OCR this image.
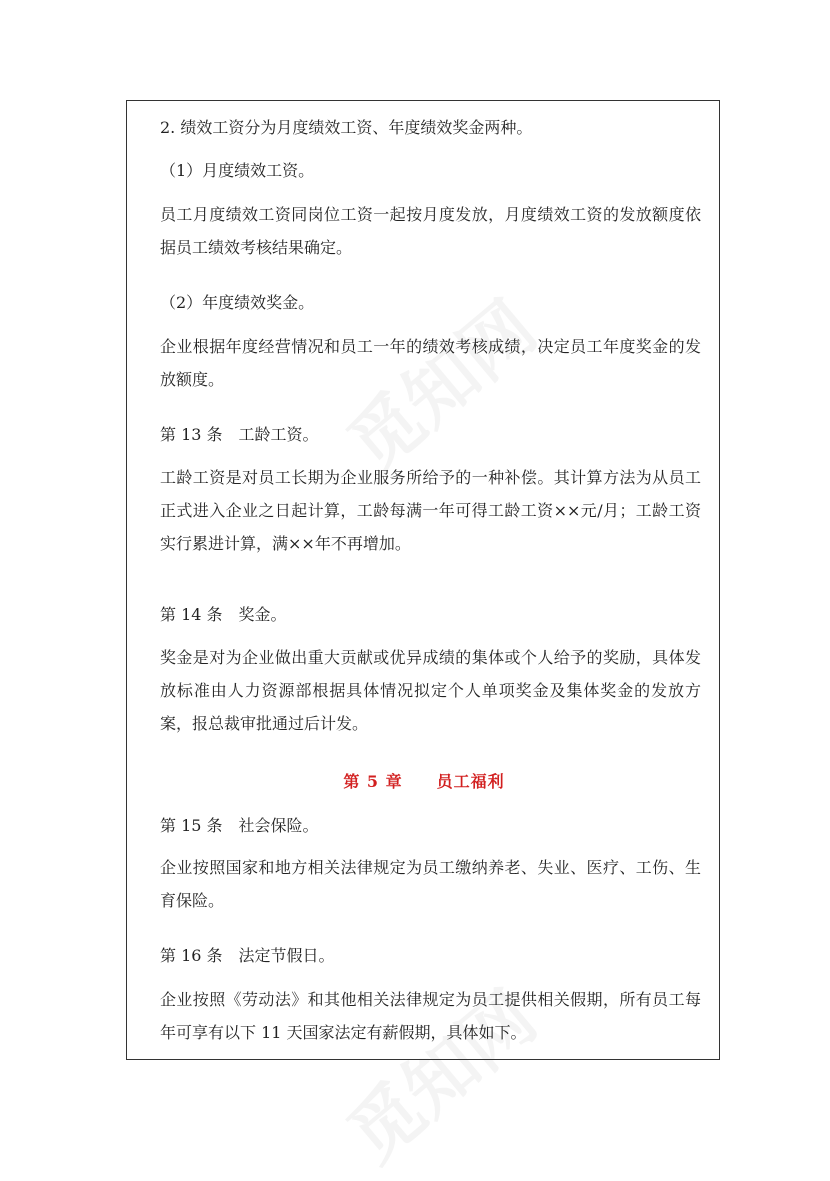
2. 绩效工资分为月度绩效工资、年度绩效奖金两种。
（1）月度绩效工资。
员工月度绩效工资同岗位工资一起按月度发放，月度绩效工资的发放额度依据员工绩效考核结果确定。
（2）年度绩效奖金。
企业根据年度经营情况和员工一年的绩效考核成绩，决定员工年度奖金的发放额度。
第 13 条　工龄工资。
工龄工资是对员工长期为企业服务所给予的一种补偿。其计算方法为从员工正式进入企业之日起计算，工龄每满一年可得工龄工资××元/月；工龄工资实行累进计算，满××年不再增加。
第 14 条　奖金。
奖金是对为企业做出重大贡献或优异成绩的集体或个人给予的奖励，具体发放标准由人力资源部根据具体情况拟定个人单项奖金及集体奖金的发放方案，报总裁审批通过后计发。
第 5 章　　员工福利
第 15 条　社会保险。
企业按照国家和地方相关法律规定为员工缴纳养老、失业、医疗、工伤、生育保险。
第 16 条　法定节假日。
企业按照《劳动法》和其他相关法律规定为员工提供相关假期，所有员工每年可享有以下 11 天国家法定有薪假期，具体如下。
